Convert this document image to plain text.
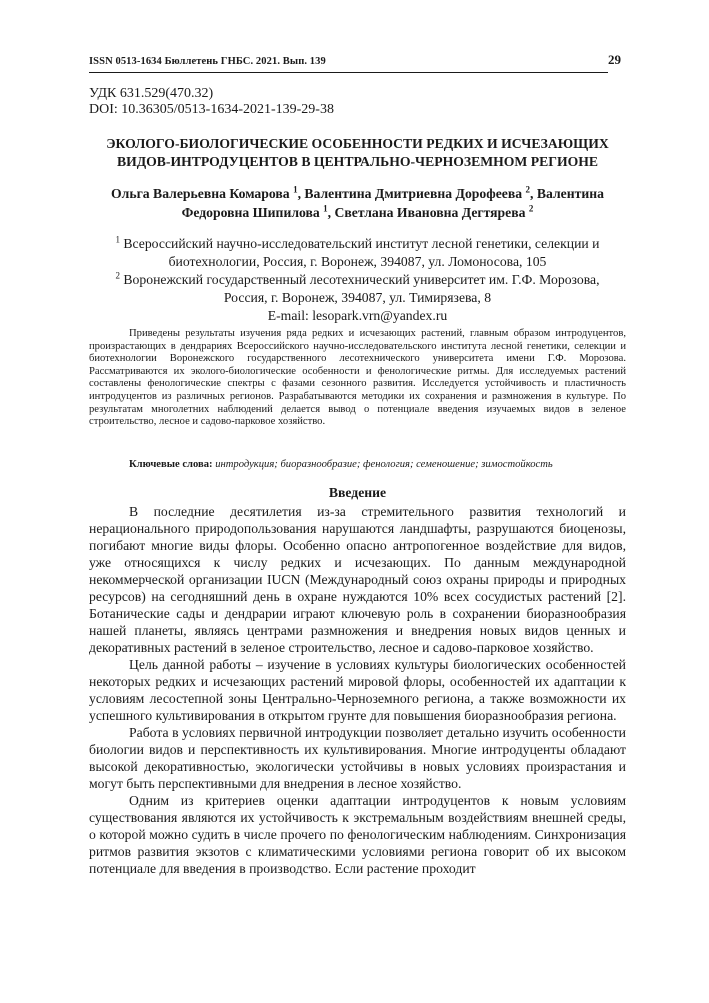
ISSN 0513-1634 Бюллетень ГНБС. 2021. Вып. 139	29
УДК 631.529(470.32)
DOI: 10.36305/0513-1634-2021-139-29-38
ЭКОЛОГО-БИОЛОГИЧЕСКИЕ ОСОБЕННОСТИ РЕДКИХ И ИСЧЕЗАЮЩИХ
ВИДОВ-ИНТРОДУЦЕНТОВ В ЦЕНТРАЛЬНО-ЧЕРНОЗЕМНОМ РЕГИОНЕ
Ольга Валерьевна Комарова $^1$, Валентина Дмитриевна Дорофеева $^2$, Валентина Федоровна Шипилова $^1$, Светлана Ивановна Дегтярева $^2$
$^1$ Всероссийский научно-исследовательский институт лесной генетики, селекции и
биотехнологии, Россия, г. Воронеж, 394087, ул. Ломоносова, 105
$^2$ Воронежский государственный лесотехнический университет им. Г.Ф. Морозова,
Россия, г. Воронеж, 394087, ул. Тимирязева, 8
E-mail: lesopark.vrn@yandex.ru
Приведены результаты изучения ряда редких и исчезающих растений, главным образом интродуцентов, произрастающих в дендрариях Всероссийского научно-исследовательского института лесной генетики, селекции и биотехнологии Воронежского государственного лесотехнического университета имени Г.Ф. Морозова. Рассматриваются их эколого-биологические особенности и фенологические ритмы. Для исследуемых растений составлены фенологические спектры с фазами сезонного развития. Исследуется устойчивость и пластичность интродуцентов из различных регионов. Разрабатываются методики их сохранения и размножения в культуре. По результатам многолетних наблюдений делается вывод о потенциале введения изучаемых видов в зеленое строительство, лесное и садово-парковое хозяйство.
Ключевые слова: интродукция; биоразнообразие; фенология; семеношение; зимостойкость
Введение

В последние десятилетия из-за стремительного развития технологий и нерационального природопользования нарушаются ландшафты, разрушаются биоценозы, погибают многие виды флоры. Особенно опасно антропогенное воздействие для видов, уже относящихся к числу редких и исчезающих. По данным международной некоммерческой организации IUCN (Международный союз охраны природы и природных ресурсов) на сегодняшний день в охране нуждаются 10% всех сосудистых растений [2]. Ботанические сады и дендрарии играют ключевую роль в сохранении биоразнообразия нашей планеты, являясь центрами размножения и внедрения новых видов ценных и декоративных растений в зеленое строительство, лесное и садово-парковое хозяйство.

Цель данной работы – изучение в условиях культуры биологических особенностей некоторых редких и исчезающих растений мировой флоры, особенностей их адаптации к условиям лесостепной зоны Центрально-Черноземного региона, а также возможности их успешного культивирования в открытом грунте для повышения биоразнообразия региона.

Работа в условиях первичной интродукции позволяет детально изучить особенности биологии видов и перспективность их культивирования. Многие интродуценты обладают высокой декоративностью, экологически устойчивы в новых условиях произрастания и могут быть перспективными для внедрения в лесное хозяйство.

Одним из критериев оценки адаптации интродуцентов к новым условиям существования являются их устойчивость к экстремальным воздействиям внешней среды, о которой можно судить в числе прочего по фенологическим наблюдениям. Синхронизация ритмов развития экзотов с климатическими условиями региона говорит об их высоком потенциале для введения в производство. Если растение проходит
